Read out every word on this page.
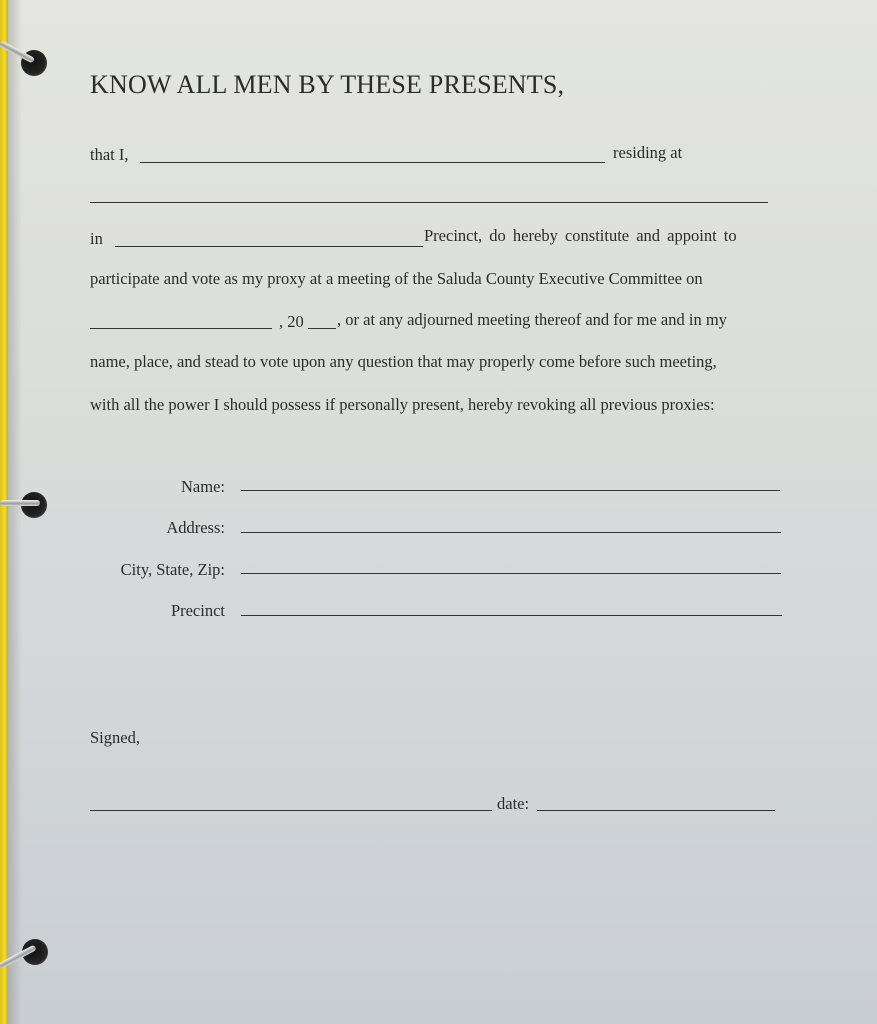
KNOW ALL MEN BY THESE PRESENTS,
that I,	residing at
in	Precinct, do hereby constitute and appoint to
participate and vote as my proxy at a meeting of the Saluda County Executive Committee on
, 20 , or at any adjourned meeting thereof and for me and in my
name, place, and stead to vote upon any question that may properly come before such meeting,
with all the power I should possess if personally present, hereby revoking all previous proxies:
Name:
Address:
City, State, Zip:
Precinct
Signed,
date:
